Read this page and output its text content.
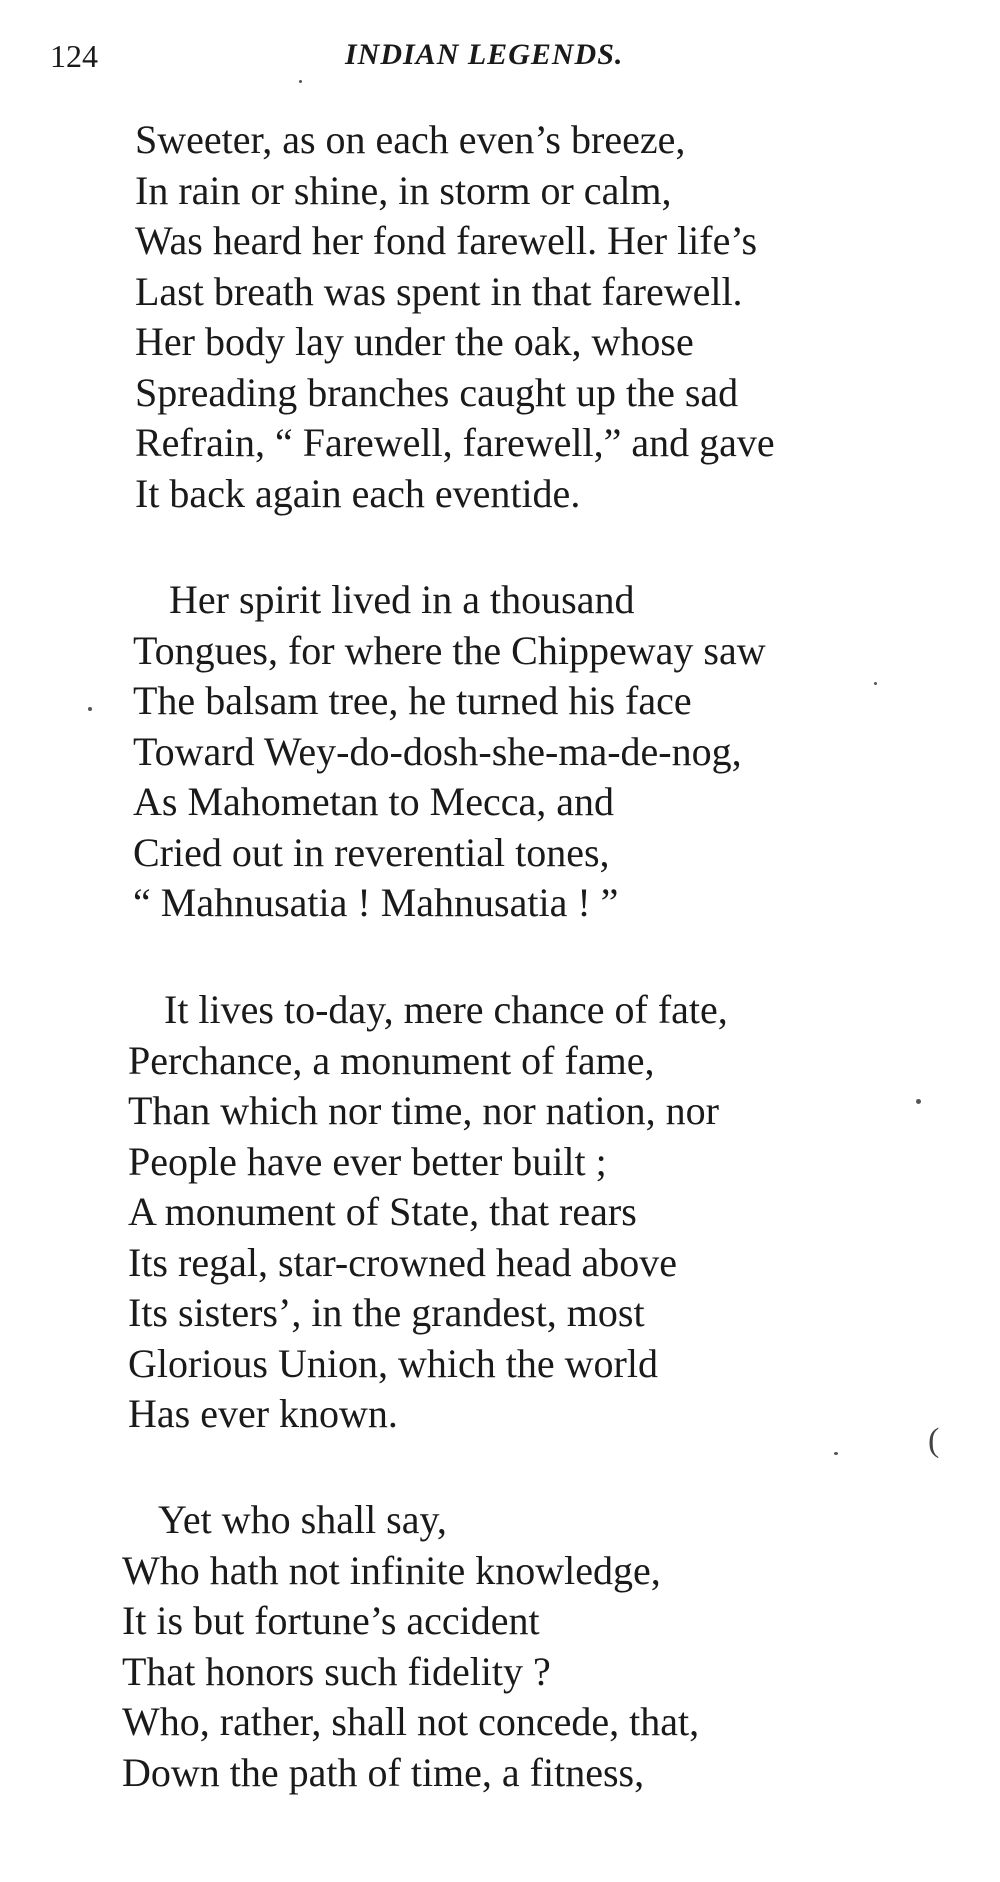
124	INDIAN LEGENDS.
Sweeter, as on each even’s breeze,
In rain or shine, in storm or calm,
Was heard her fond farewell. Her life’s
Last breath was spent in that farewell.
Her body lay under the oak, whose
Spreading branches caught up the sad
Refrain, “ Farewell, farewell,” and gave
It back again each eventide.
Her spirit lived in a thousand
Tongues, for where the Chippeway saw
The balsam tree, he turned his face
Toward Wey-do-dosh-she-ma-de-nog,
As Mahometan to Mecca, and
Cried out in reverential tones,
“ Mahnusatia ! Mahnusatia ! ”
It lives to-day, mere chance of fate,
Perchance, a monument of fame,
Than which nor time, nor nation, nor
People have ever better built ;
A monument of State, that rears
Its regal, star-crowned head above
Its sisters’, in the grandest, most
Glorious Union, which the world
Has ever known.
Yet who shall say,
Who hath not infinite knowledge,
It is but fortune’s accident
That honors such fidelity ?
Who, rather, shall not concede, that,
Down the path of time, a fitness,
(
